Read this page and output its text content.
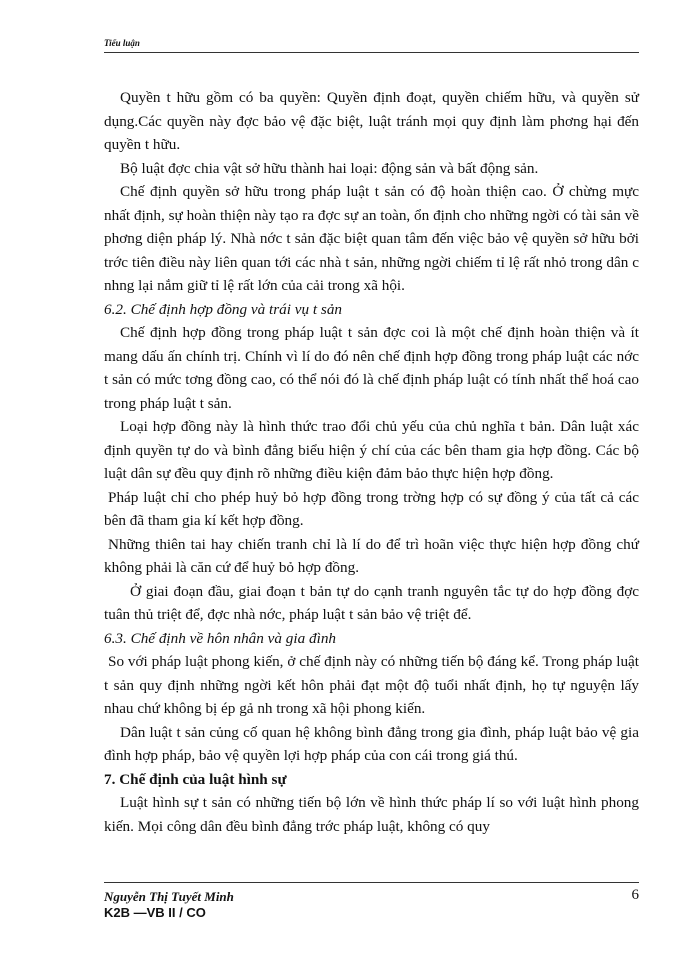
Tiểu luận

Quyền t hữu gồm có ba quyền: Quyền định đoạt, quyền chiếm hữu, và quyền sử dụng.Các quyền này đợc bảo vệ đặc biệt, luật tránh mọi quy định làm phơng hại đến quyền t hữu.

Bộ luật đợc chia vật sở hữu thành hai loại: động sản và bất động sản.

Chế định quyền sở hữu trong pháp luật t sản có độ hoàn thiện cao. Ở chừng mực nhất định, sự hoàn thiện này tạo ra đợc sự an toàn, ổn định cho những ngời có tài sản về phơng diện pháp lý. Nhà nớc t sản đặc biệt quan tâm đến việc bảo vệ quyền sở hữu bởi trớc tiên điều này liên quan tới các nhà t sản, những ngời chiếm tỉ lệ rất nhỏ trong dân c nhng lại nắm giữ tỉ lệ rất lớn của cải trong xã hội.

6.2. Chế định hợp đồng và trái vụ t sản

Chế định hợp đồng trong pháp luật t sản đợc coi là một chế định hoàn thiện và ít mang dấu ấn chính trị. Chính vì lí do đó nên chế định hợp đồng trong pháp luật các nớc t sản có mức tơng đồng cao, có thể nói đó là chế định pháp luật có tính nhất thể hoá cao trong pháp luật t sản.

Loại hợp đồng này là hình thức trao đổi chủ yếu của chủ nghĩa t bản. Dân luật xác định quyền tự do và bình đẳng biểu hiện ý chí của các bên tham gia hợp đồng. Các bộ luật dân sự đều quy định rõ những điều kiện đảm bảo thực hiện hợp đồng.

Pháp luật chỉ cho phép huỷ bỏ hợp đồng trong trờng hợp có sự đồng ý của tất cả các bên đã tham gia kí kết hợp đồng.

Những thiên tai hay chiến tranh chỉ là lí do để trì hoãn việc thực hiện hợp đồng chứ không phải là căn cứ để huỷ bỏ hợp đồng.

Ở giai đoạn đầu, giai đoạn t bản tự do cạnh tranh nguyên tắc tự do hợp đồng đợc tuân thủ triệt để, đợc nhà nớc, pháp luật t sản bảo vệ triệt để.

6.3. Chế định về hôn nhân và gia đình

So với pháp luật phong kiến, ở chế định này có những tiến bộ đáng kể. Trong pháp luật t sản quy định những ngời kết hôn phải đạt một độ tuổi nhất định, họ tự nguyện lấy nhau chứ không bị ép gả nh trong xã hội phong kiến.

Dân luật t sản củng cố quan hệ không bình đẳng trong gia đình, pháp luật bảo vệ gia đình hợp pháp, bảo vệ quyền lợi hợp pháp của con cái trong giá thú.

7. Chế định của luật hình sự

Luật hình sự t sản có những tiến bộ lớn về hình thức pháp lí so với luật hình phong kiến. Mọi công dân đều bình đẳng trớc pháp luật, không có quy

Nguyễn Thị Tuyết Minh
K2B —VB II / CO
6
